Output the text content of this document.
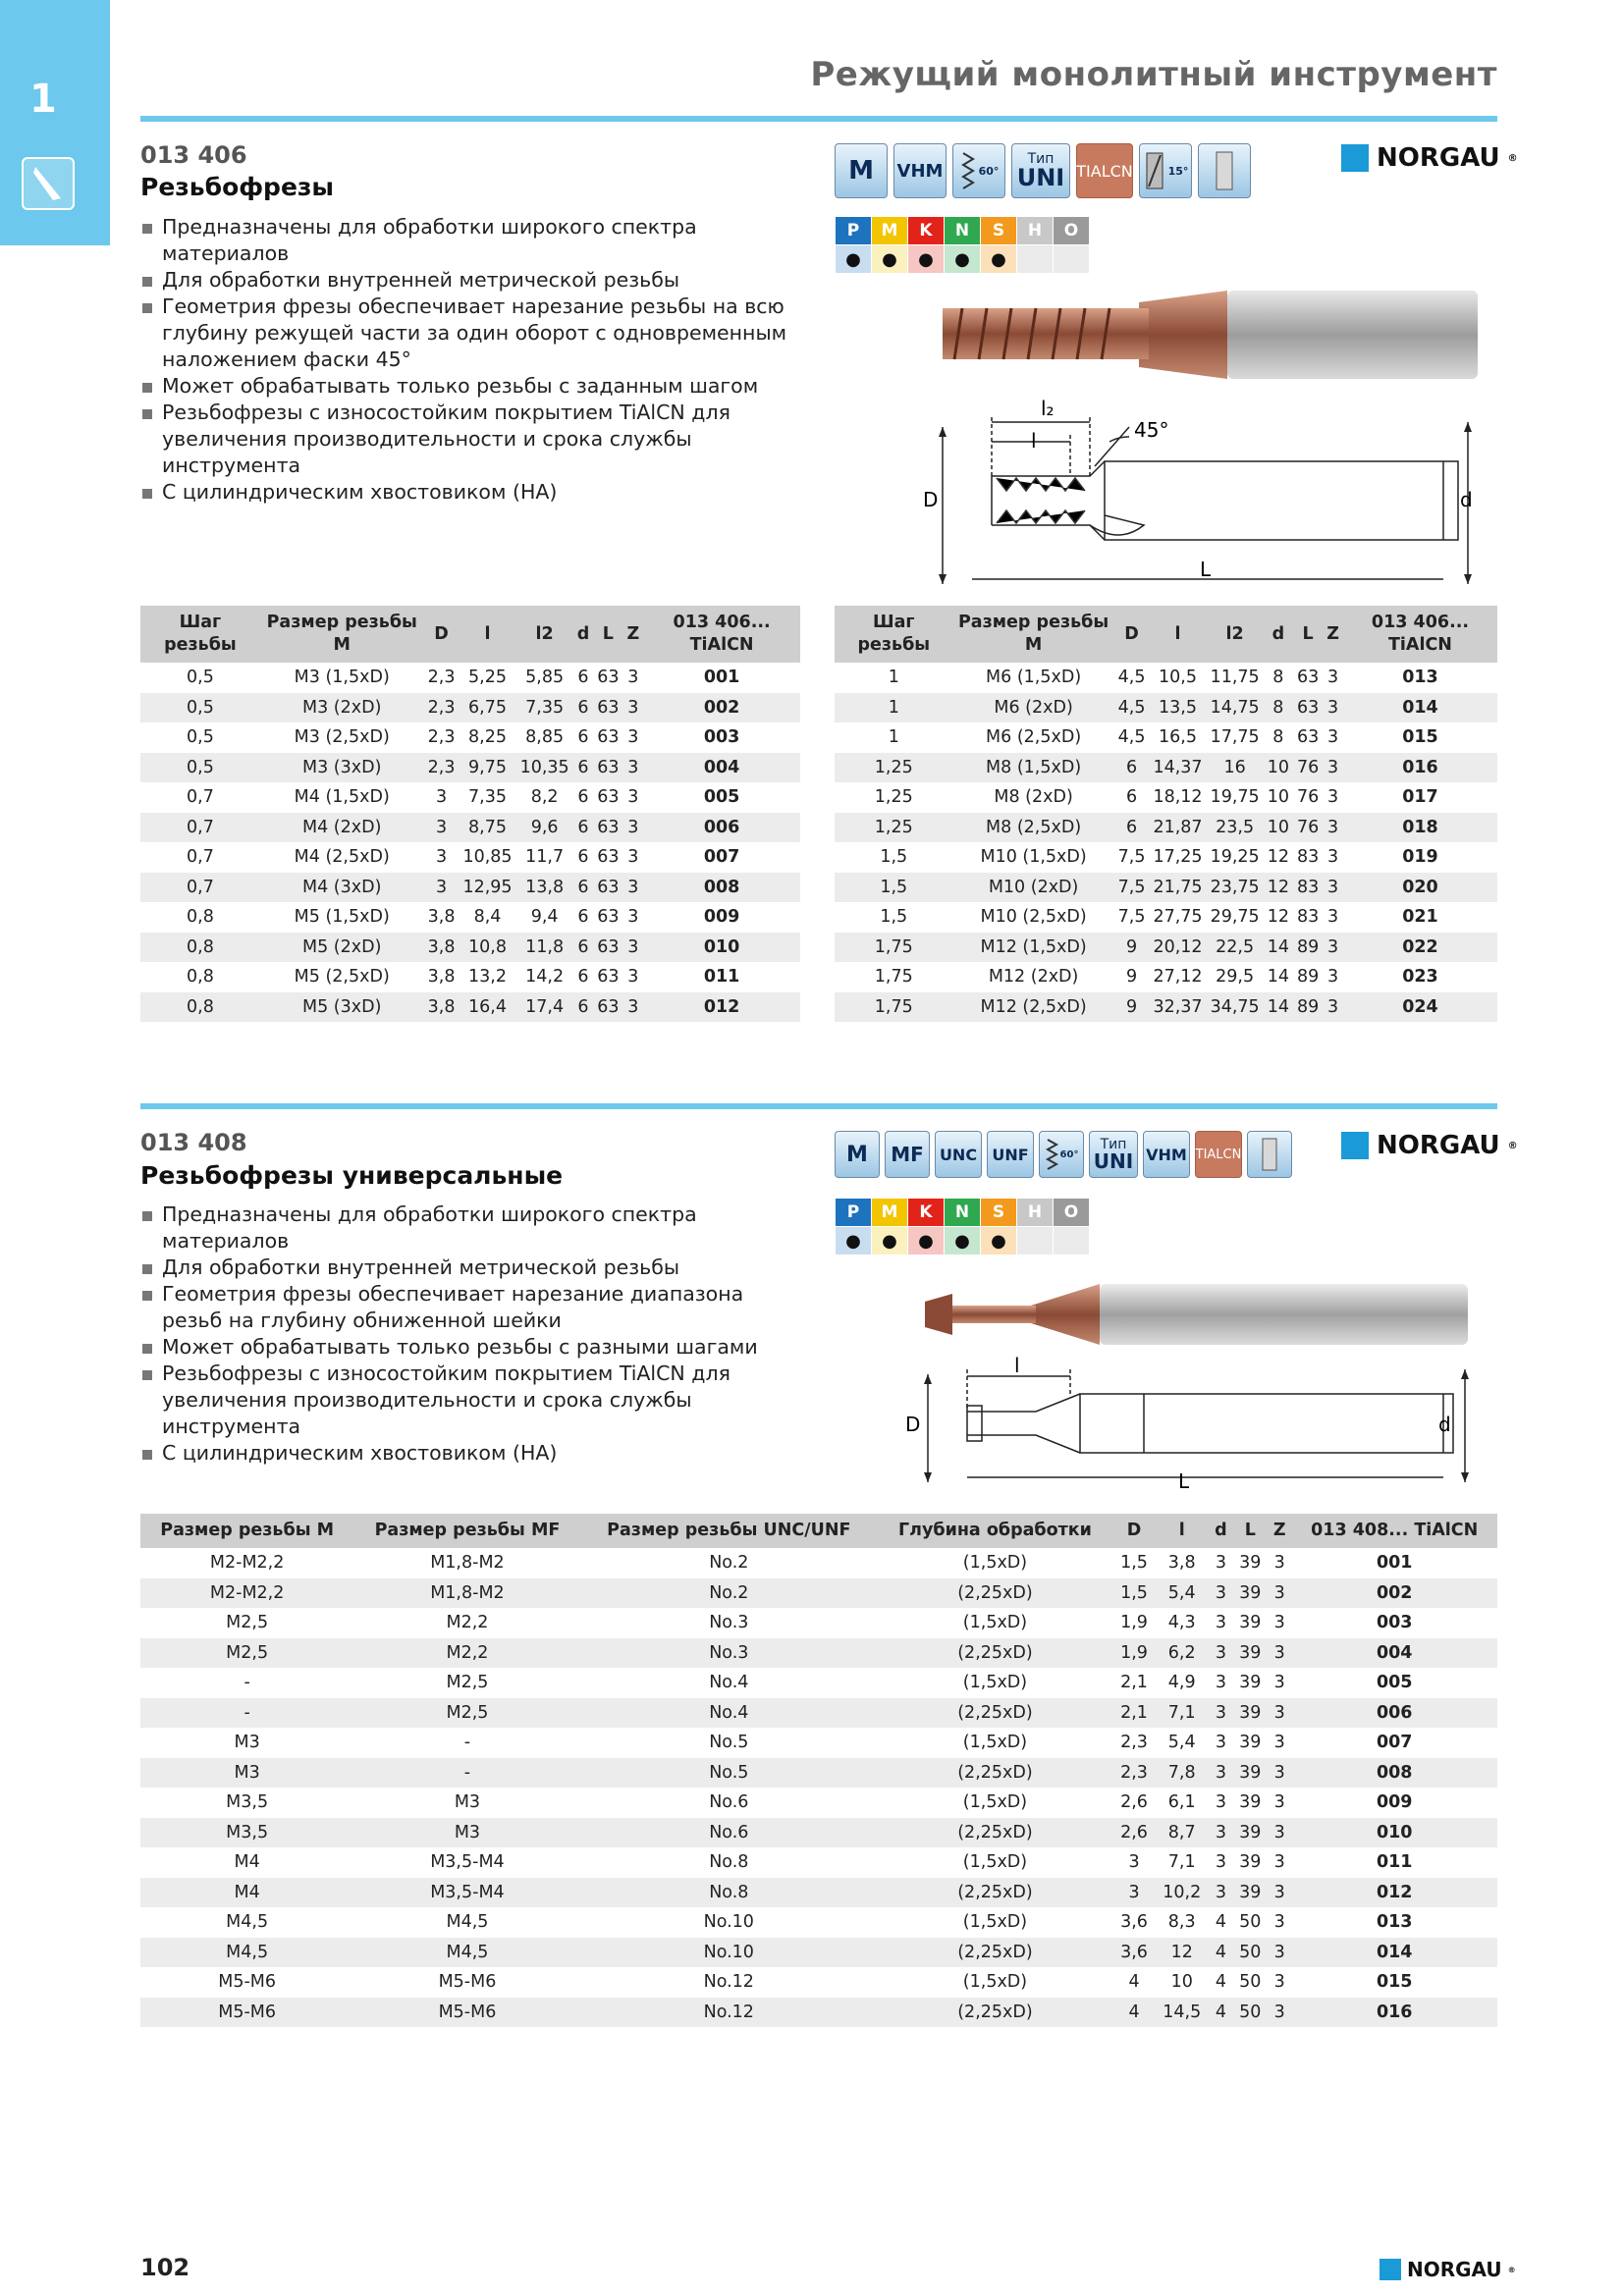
1
Режущий монолитный инструмент
013 406
Резьбофрезы
Предназначены для обработки широкого спектра материалов
Для обработки внутренней метрической резьбы
Геометрия фрезы обеспечивает нарезание резьбы на всю глубину режущей части за один оборот с одновременным наложением фаски 45°
Может обрабатывать только резьбы с заданным шагом
Резьбофрезы с износостойким покрытием TiAlCN для увеличения производительности и срока службы инструмента
С цилиндрическим хвостовиком (HA)
M	VHM	60°
Тип
UNI TIALCN	15°	NORGAU ®
P	M	K	N	S	H	O
●	●	●	●	●		
l₂
l	45°
D	d
L
Шаг резьбы	Размер резьбы M	D	l	l2	d	L	Z	013 406... TiAlCN
0,5	M3 (1,5xD)	2,3	5,25	5,85	6	63	3	001
0,5	M3 (2xD)	2,3	6,75	7,35	6	63	3	002
0,5	M3 (2,5xD)	2,3	8,25	8,85	6	63	3	003
0,5	M3 (3xD)	2,3	9,75	10,35	6	63	3	004
0,7	M4 (1,5xD)	3	7,35	8,2	6	63	3	005
0,7	M4 (2xD)	3	8,75	9,6	6	63	3	006
0,7	M4 (2,5xD)	3	10,85	11,7	6	63	3	007
0,7	M4 (3xD)	3	12,95	13,8	6	63	3	008
0,8	M5 (1,5xD)	3,8	8,4	9,4	6	63	3	009
0,8	M5 (2xD)	3,8	10,8	11,8	6	63	3	010
0,8	M5 (2,5xD)	3,8	13,2	14,2	6	63	3	011
0,8	M5 (3xD)	3,8	16,4	17,4	6	63	3	012
Шаг резьбы	Размер резьбы M	D	l	l2	d	L	Z	013 406... TiAlCN
1	M6 (1,5xD)	4,5	10,5	11,75	8	63	3	013
1	M6 (2xD)	4,5	13,5	14,75	8	63	3	014
1	M6 (2,5xD)	4,5	16,5	17,75	8	63	3	015
1,25	M8 (1,5xD)	6	14,37	16	10	76	3	016
1,25	M8 (2xD)	6	18,12	19,75	10	76	3	017
1,25	M8 (2,5xD)	6	21,87	23,5	10	76	3	018
1,5	M10 (1,5xD)	7,5	17,25	19,25	12	83	3	019
1,5	M10 (2xD)	7,5	21,75	23,75	12	83	3	020
1,5	M10 (2,5xD)	7,5	27,75	29,75	12	83	3	021
1,75	M12 (1,5xD)	9	20,12	22,5	14	89	3	022
1,75	M12 (2xD)	9	27,12	29,5	14	89	3	023
1,75	M12 (2,5xD)	9	32,37	34,75	14	89	3	024
013 408
Резьбофрезы универсальные
Предназначены для обработки широкого спектра материалов
Для обработки внутренней метрической резьбы
Геометрия фрезы обеспечивает нарезание диапазона резьб на глубину обниженной шейки
Может обрабатывать только резьбы с разными шагами
Резьбофрезы с износостойким покрытием TiAlCN для увеличения производительности и срока службы инструмента
С цилиндрическим хвостовиком (HA)
M	MF	UNC UNF	60°
Тип
UNI VHM TIALCN	NORGAU ®
P	M	K	N	S	H	O
●	●	●	●	●		
l
D	d
L
Размер резьбы M	Размер резьбы MF	Размер резьбы UNC/UNF	Глубина обработки	D	l	d	L	Z	013 408... TiAlCN
M2-M2,2	M1,8-M2	No.2	(1,5xD)	1,5	3,8	3	39	3	001
M2-M2,2	M1,8-M2	No.2	(2,25xD)	1,5	5,4	3	39	3	002
M2,5	M2,2	No.3	(1,5xD)	1,9	4,3	3	39	3	003
M2,5	M2,2	No.3	(2,25xD)	1,9	6,2	3	39	3	004
-	M2,5	No.4	(1,5xD)	2,1	4,9	3	39	3	005
-	M2,5	No.4	(2,25xD)	2,1	7,1	3	39	3	006
M3	-	No.5	(1,5xD)	2,3	5,4	3	39	3	007
M3	-	No.5	(2,25xD)	2,3	7,8	3	39	3	008
M3,5	M3	No.6	(1,5xD)	2,6	6,1	3	39	3	009
M3,5	M3	No.6	(2,25xD)	2,6	8,7	3	39	3	010
M4	M3,5-M4	No.8	(1,5xD)	3	7,1	3	39	3	011
M4	M3,5-M4	No.8	(2,25xD)	3	10,2	3	39	3	012
M4,5	M4,5	No.10	(1,5xD)	3,6	8,3	4	50	3	013
M4,5	M4,5	No.10	(2,25xD)	3,6	12	4	50	3	014
M5-M6	M5-M6	No.12	(1,5xD)	4	10	4	50	3	015
M5-M6	M5-M6	No.12	(2,25xD)	4	14,5	4	50	3	016
102	NORGAU ®
